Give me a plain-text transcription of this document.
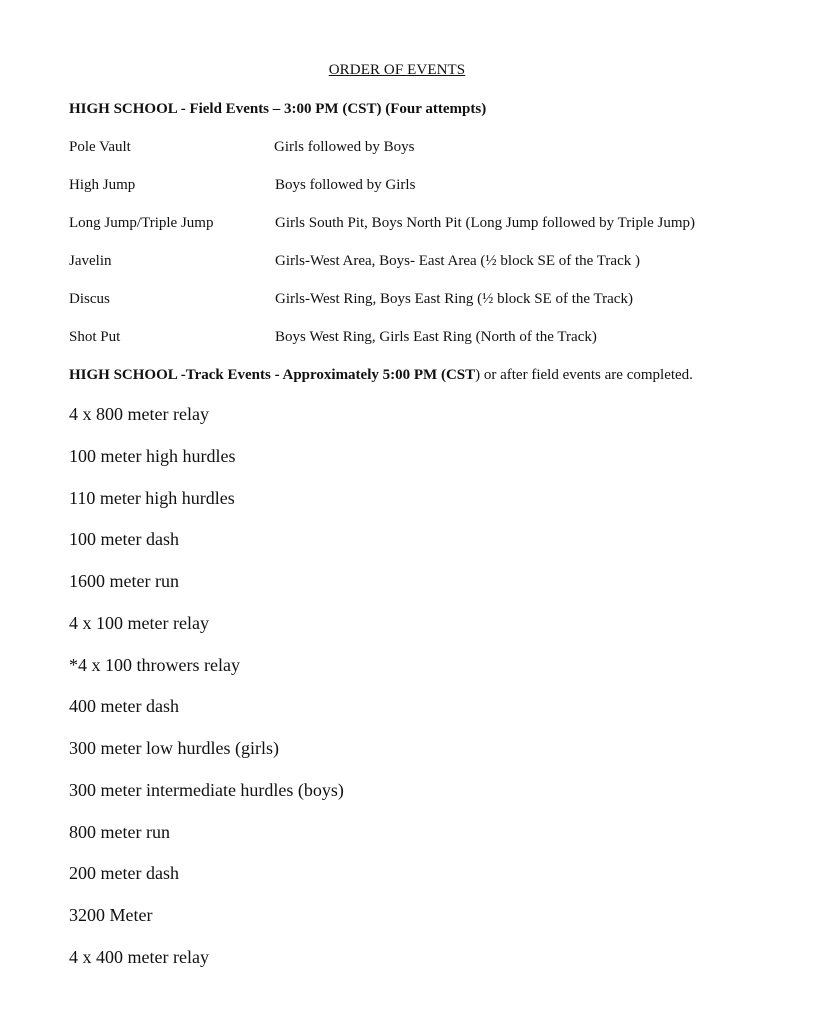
ORDER OF EVENTS
HIGH SCHOOL - Field Events – 3:00 PM (CST) (Four attempts)
Pole Vault	Girls followed by Boys
High Jump	Boys followed by Girls
Long Jump/Triple Jump	Girls South Pit, Boys North Pit (Long Jump followed by Triple Jump)
Javelin	Girls-West Area, Boys- East Area (½ block SE of the Track )
Discus	Girls-West Ring, Boys East Ring (½ block SE of the Track)
Shot Put	Boys West Ring, Girls East Ring (North of the Track)
HIGH SCHOOL -Track Events - Approximately 5:00 PM (CST) or after field events are completed.
4 x 800 meter relay
100 meter high hurdles
110 meter high hurdles
100 meter dash
1600 meter run
4 x 100 meter relay
*4 x 100 throwers relay
400 meter dash
300 meter low hurdles (girls)
300 meter intermediate hurdles (boys)
800 meter run
200 meter dash
3200 Meter
4 x 400 meter relay
